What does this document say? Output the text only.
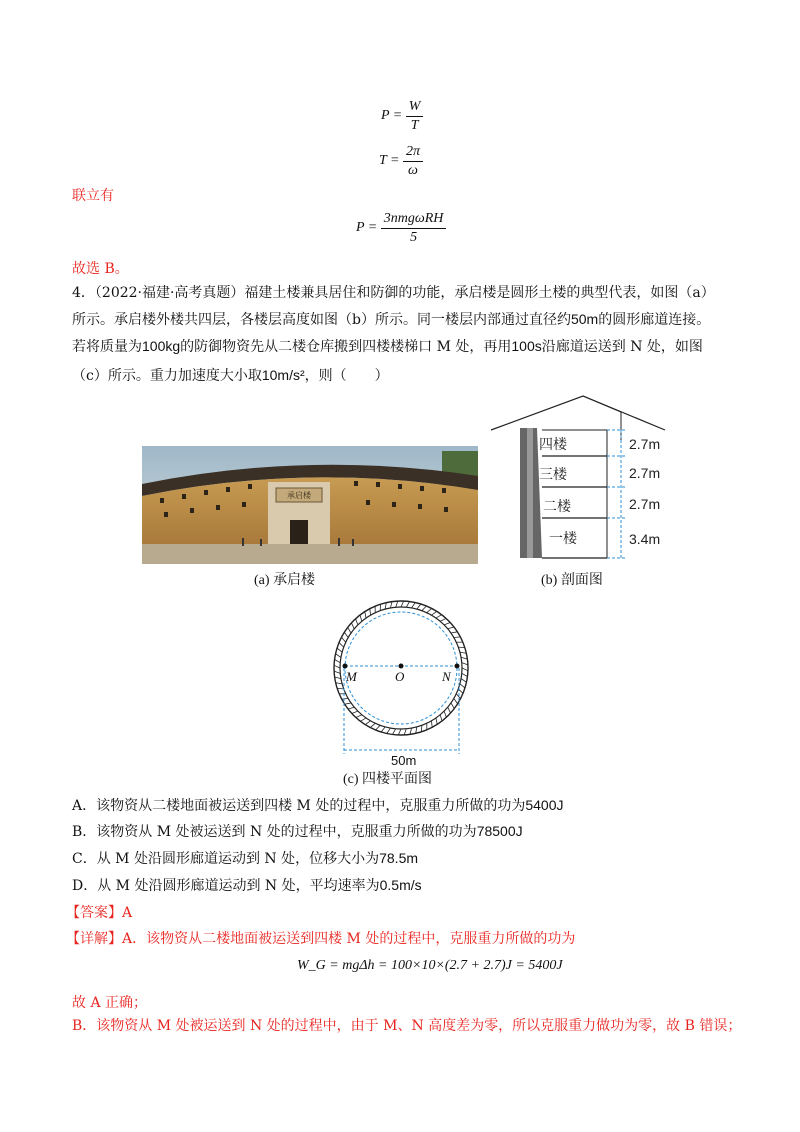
$P = \frac{W}{T}$
$T = \frac{2\pi}{\omega}$
联立有
$P = \frac{\text{3nmgωRH}}{5}$
故选 B。
4．（2022·福建·高考真题）福建土楼兼具居住和防御的功能，承启楼是圆形土楼的典型代表，如图（a）
所示。承启楼外楼共四层，各楼层高度如图（b）所示。同一楼层内部通过直径约50m的圆形廊道连接。
若将质量为100kg的防御物资先从二楼仓库搬到四楼楼梯口 M 处，再用100s沿廊道运送到 N 处，如图
（c）所示。重力加速度大小取10m/s²，则（　　）
承启楼
(a) 承启楼
四楼
三楼
二楼
一楼
2.7m
2.7m
2.7m
3.4m
(b) 剖面图
M	O	N
50m
(c) 四楼平面图
A．该物资从二楼地面被运送到四楼 M 处的过程中，克服重力所做的功为5400J
B．该物资从 M 处被运送到 N 处的过程中，克服重力所做的功为78500J
C．从 M 处沿圆形廊道运动到 N 处，位移大小为78.5m
D．从 M 处沿圆形廊道运动到 N 处，平均速率为0.5m/s
【答案】A
【详解】A．该物资从二楼地面被运送到四楼 M 处的过程中，克服重力所做的功为
W_G = mgΔh = 100×10×(2.7 + 2.7)J = 5400J
故 A 正确；
B．该物资从 M 处被运送到 N 处的过程中，由于 M、N 高度差为零，所以克服重力做功为零，故 B 错误；
